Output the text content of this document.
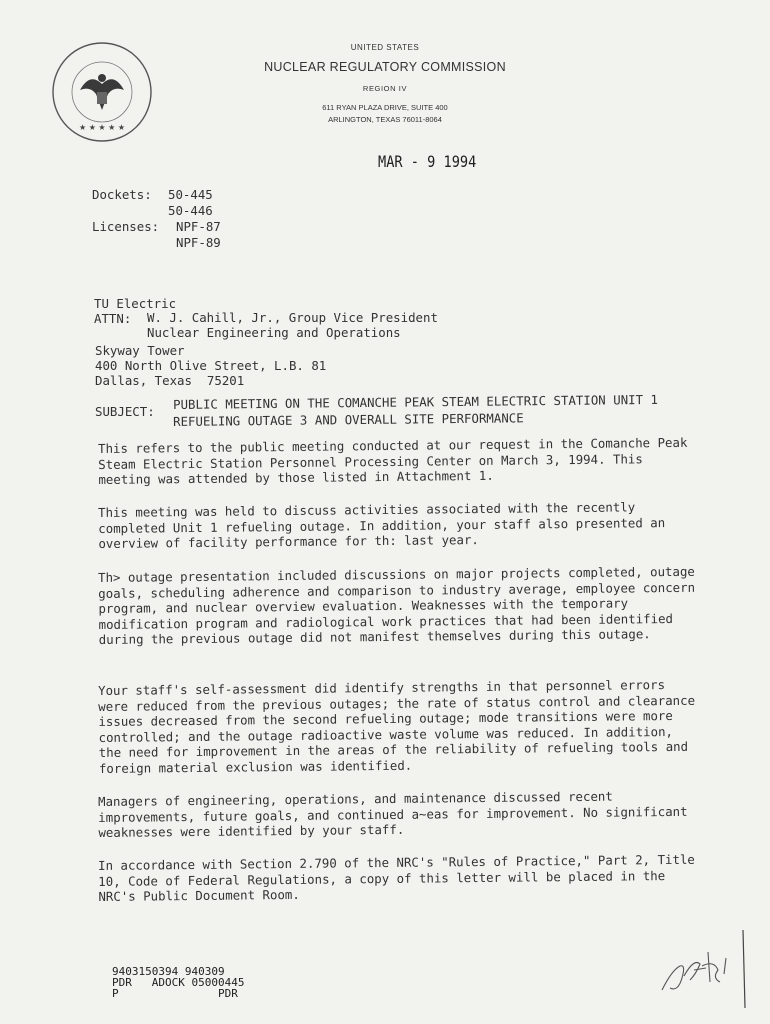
★ ★ ★ ★ ★
UNITED STATES
NUCLEAR REGULATORY COMMISSION
REGION IV
611 RYAN PLAZA DRIVE, SUITE 400
ARLINGTON, TEXAS 76011-8064
MAR - 9 1994
Dockets: 50-445
50-446
Licenses: NPF-87
NPF-89
TU Electric
ATTN: W. J. Cahill, Jr., Group Vice President
Nuclear Engineering and Operations
Skyway Tower
400 North Olive Street, L.B. 81
Dallas, Texas  75201
SUBJECT: PUBLIC MEETING ON THE COMANCHE PEAK STEAM ELECTRIC STATION UNIT 1
REFUELING OUTAGE 3 AND OVERALL SITE PERFORMANCE
This refers to the public meeting conducted at our request in the Comanche Peak Steam Electric Station Personnel Processing Center on March 3, 1994. This meeting was attended by those listed in Attachment 1.
This meeting was held to discuss activities associated with the recently completed Unit 1 refueling outage. In addition, your staff also presented an overview of facility performance for th: last year.
Th> outage presentation included discussions on major projects completed, outage goals, scheduling adherence and comparison to industry average, employee concern program, and nuclear overview evaluation. Weaknesses with the temporary modification program and radiological work practices that had been identified during the previous outage did not manifest themselves during this outage.
Your staff's self-assessment did identify strengths in that personnel errors were reduced from the previous outages; the rate of status control and clearance issues decreased from the second refueling outage; mode transitions were more controlled; and the outage radioactive waste volume was reduced. In addition, the need for improvement in the areas of the reliability of refueling tools and foreign material exclusion was identified.
Managers of engineering, operations, and maintenance discussed recent improvements, future goals, and continued a~eas for improvement. No significant weaknesses were identified by your staff.
In accordance with Section 2.790 of the NRC's "Rules of Practice," Part 2, Title 10, Code of Federal Regulations, a copy of this letter will be placed in the NRC's Public Document Room.
9403150394 940309
PDR   ADOCK 05000445
P               PDR
